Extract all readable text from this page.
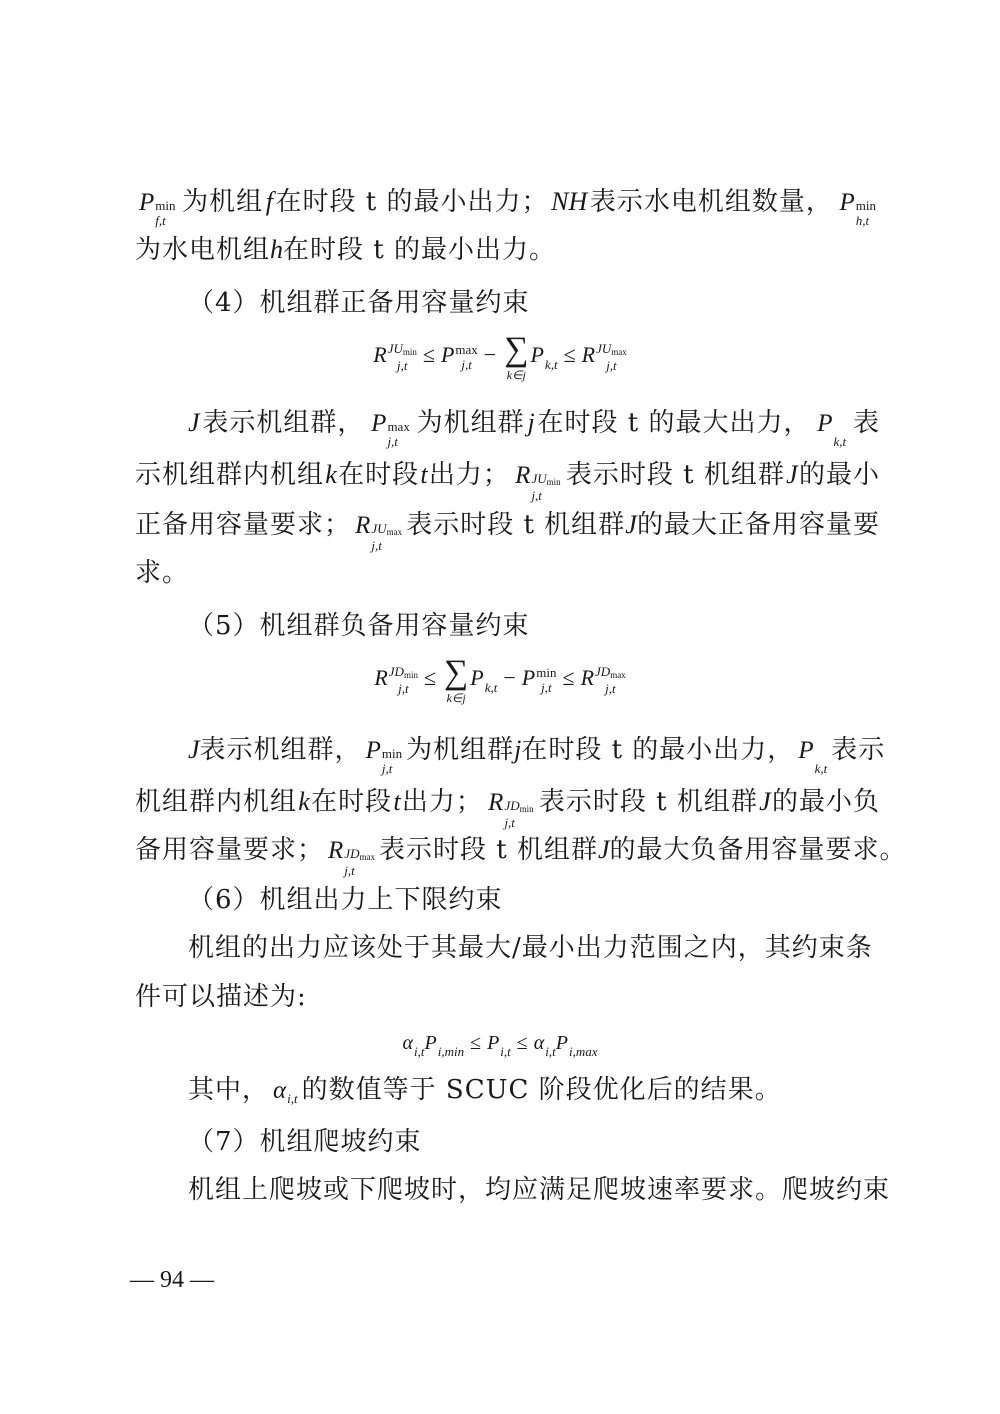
P min
f,t
为机组 f 在时段 t 的最小出力； NH 表示水电机组数量， P min
h,t
为水电机组h在时段 t 的最小出力。
（4）机组群正备用容量约束
R $JU_{min}$
j,t ≤ P max
j,t − ∑
k∈j
P
k,t ≤ R $JU_{max}$
j,t
J 表示机组群， P max
j,t
为机组群 j 在时段 t 的最大出力， P

k,t
表
示机组群内机组 k 在时段 t 出力； R $JU_{min}$
j,t
表示时段 t 机组群 J 的最小
正备用容量要求； R $JU_{max}$
j,t
表示时段 t 机组群 J 的最大正备用容量要
求。
（5）机组群负备用容量约束
R $JD_{min}$
j,t ≤ ∑
k∈j
P
k,t − P min
j,t ≤ R $JD_{max}$
j,t
J 表示机组群， P min
j,t
为机组群 j 在时段 t 的最小出力， P

k,t
表示
机组群内机组 k 在时段 t 出力； R $JD_{min}$
j,t
表示时段 t 机组群 J 的最小负
备用容量要求； R $JD_{max}$
j,t
表示时段 t 机组群 J 的最大负备用容量要求。
（6）机组出力上下限约束
机组的出力应该处于其最大/最小出力范围之内，其约束条
件可以描述为:
α
i,t P
i,min ≤ P
i,t ≤ α
i,t P
i,max
其中， α
i,t 的数值等于 SCUC 阶段优化后的结果。
（7）机组爬坡约束
机组上爬坡或下爬坡时，均应满足爬坡速率要求。爬坡约束
— 94 —
